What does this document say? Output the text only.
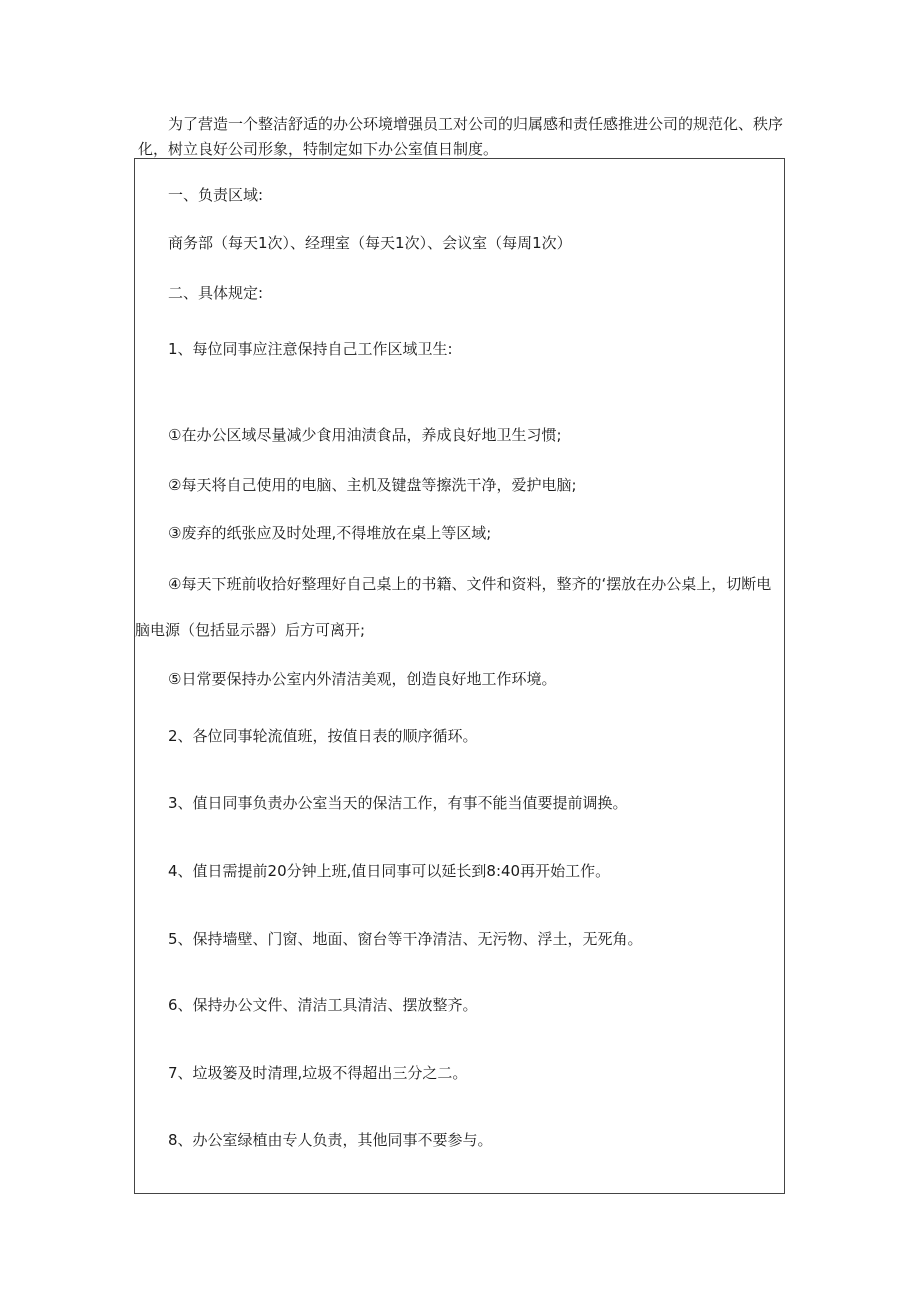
为了营造一个整洁舒适的办公环境增强员工对公司的归属感和责任感推进公司的规范化、秩序
化，树立良好公司形象，特制定如下办公室值日制度。
一、负责区域:
商务部（每天1次）、经理室（每天1次）、会议室（每周1次）
二、具体规定:
1、每位同事应注意保持自己工作区域卫生:
①在办公区域尽量减少食用油渍食品，养成良好地卫生习惯;
②每天将自己使用的电脑、主机及键盘等擦洗干净，爱护电脑;
③废弃的纸张应及时处理,不得堆放在桌上等区域;
④每天下班前收拾好整理好自己桌上的书籍、文件和资料，整齐的‘摆放在办公桌上，切断电
脑电源（包括显示器）后方可离开;
⑤日常要保持办公室内外清洁美观，创造良好地工作环境。
2、各位同事轮流值班，按值日表的顺序循环。
3、值日同事负责办公室当天的保洁工作，有事不能当值要提前调换。
4、值日需提前20分钟上班,值日同事可以延长到8:40再开始工作。
5、保持墙壁、门窗、地面、窗台等干净清洁、无污物、浮土，无死角。
6、保持办公文件、清洁工具清洁、摆放整齐。
7、垃圾篓及时清理,垃圾不得超出三分之二。
8、办公室绿植由专人负责，其他同事不要参与。
